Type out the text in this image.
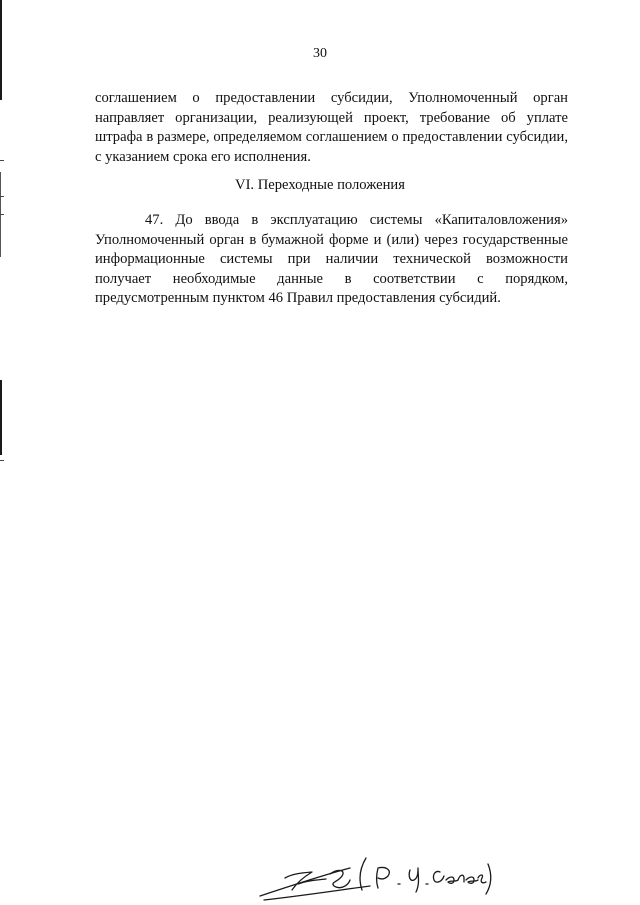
30

соглашением о предоставлении субсидии, Уполномоченный орган направляет организации, реализующей проект, требование об уплате штрафа в размере, определяемом соглашением о предоставлении субсидии, с указанием срока его исполнения.

VI. Переходные положения

47. До ввода в эксплуатацию системы «Капиталовложения» Уполномоченный орган в бумажной форме и (или) через государственные информационные системы при наличии технической возможности получает необходимые данные в соответствии с порядком, предусмотренным пунктом 46 Правил предоставления субсидий.
